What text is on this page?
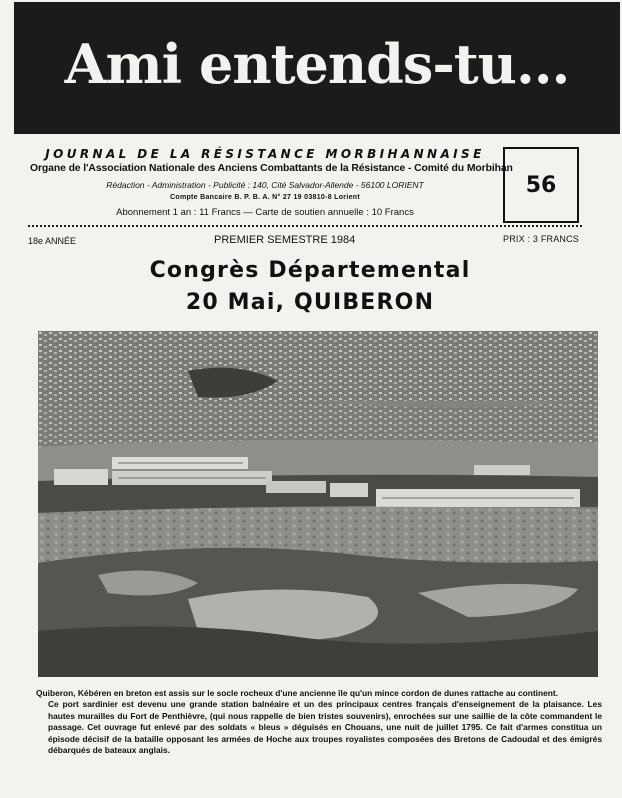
Ami entends-tu...
JOURNAL DE LA RÉSISTANCE MORBIHANNAISE
Organe de l'Association Nationale des Anciens Combattants de la Résistance - Comité du Morbihan
Rédaction - Administration - Publicité : 140, Cité Salvador-Allende - 56100 LORIENT
Compte Bancaire B. P. B. A. N° 27 19 03810-8 Lorient
Abonnement 1 an : 11 Francs — Carte de soutien annuelle : 10 Francs
56
18e ANNÉE	PREMIER SEMESTRE 1984	PRIX : 3 FRANCS
Congrès Départemental
20 Mai, QUIBERON

Quiberon, Kébéren en breton est assis sur le socle rocheux d'une ancienne île qu'un mince cordon de dunes rattache au continent.

Ce port sardinier est devenu une grande station balnéaire et un des principaux centres français d'enseignement de la plaisance. Les hautes murailles du Fort de Penthièvre, (qui nous rappelle de bien tristes souvenirs), enrochées sur une saillie de la côte commandent le passage. Cet ouvrage fut enlevé par des soldats « bleus » déguisés en Chouans, une nuit de juillet 1795. Ce fait d'armes constitua un épisode décisif de la bataille opposant les armées de Hoche aux troupes royalistes composées des Bretons de Cadoudal et des émigrés débarqués de bateaux anglais.
